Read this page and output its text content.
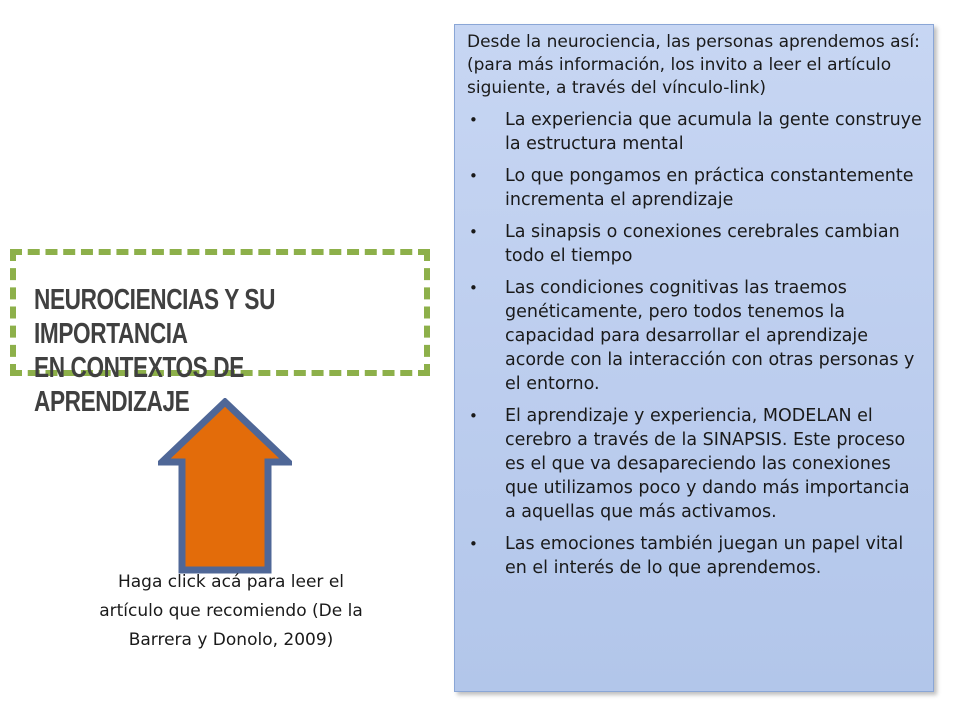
NEUROCIENCIAS Y SU IMPORTANCIA
EN CONTEXTOS DE APRENDIZAJE
Haga click acá para leer el artículo que recomiendo (De la Barrera y Donolo, 2009)

Desde la neurociencia, las personas aprendemos así: (para más información, los invito a leer el artículo siguiente, a través del vínculo-link)

• La experiencia que acumula la gente construye la estructura mental
• Lo que pongamos en práctica constantemente incrementa el aprendizaje
• La sinapsis o conexiones cerebrales cambian todo el tiempo
• Las condiciones cognitivas las traemos genéticamente, pero todos tenemos la capacidad para desarrollar el aprendizaje acorde con la interacción con otras personas y el entorno.
• El aprendizaje y experiencia, MODELAN el cerebro a través de la SINAPSIS. Este proceso es el que va desapareciendo las conexiones que utilizamos poco y dando más importancia a aquellas que más activamos.
• Las emociones también juegan un papel vital en el interés de lo que aprendemos.
